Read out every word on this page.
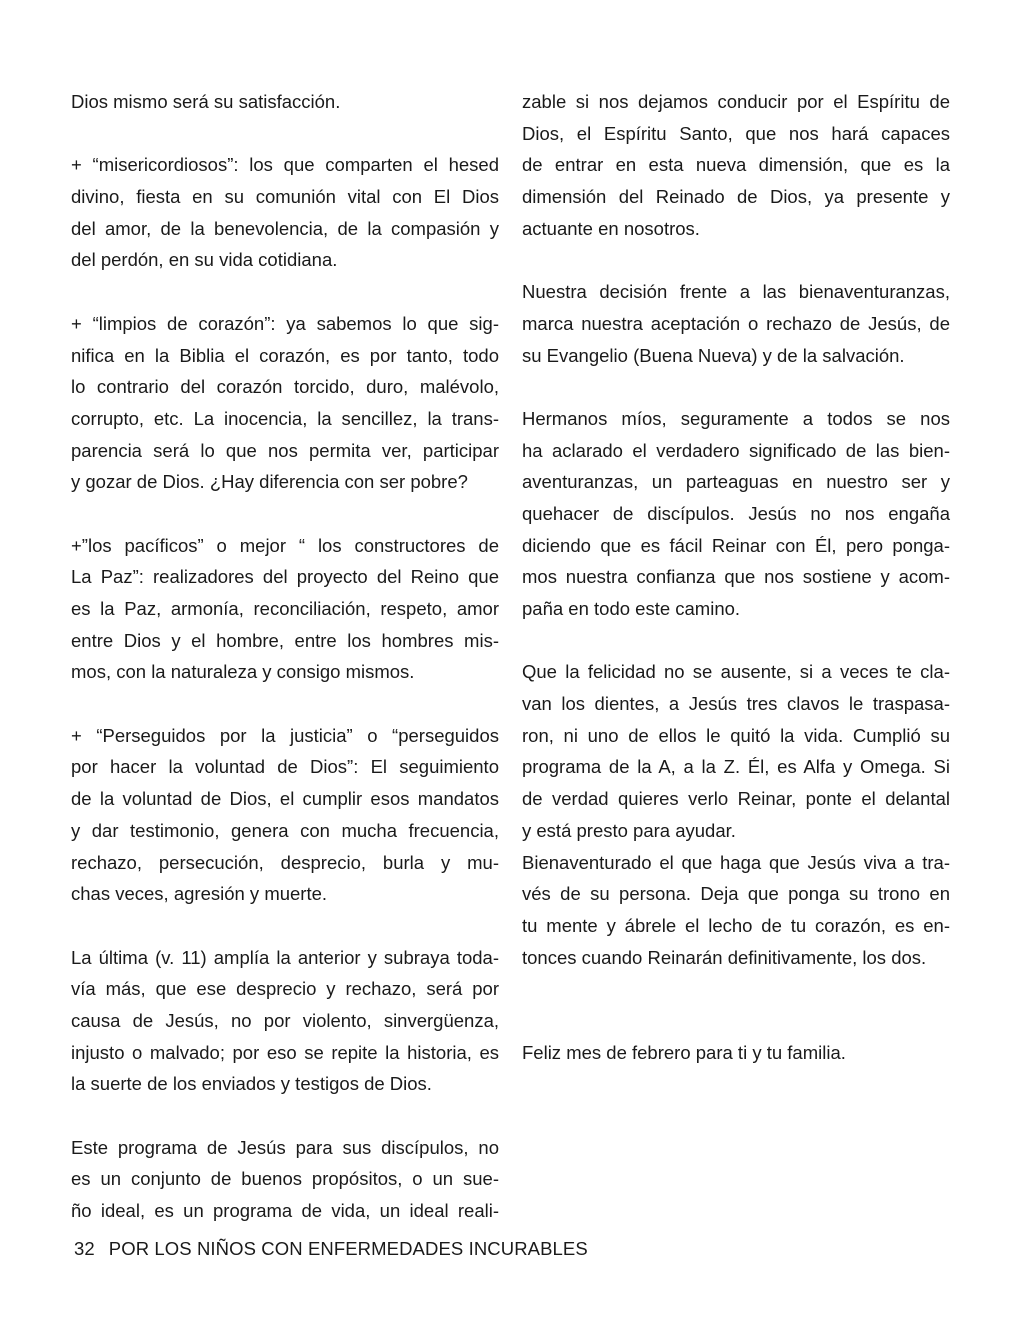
Dios mismo será su satisfacción.
+ “misericordiosos”: los que comparten el hesed
divino, fiesta en su comunión vital con El Dios
del amor, de la benevolencia, de la compasión y
del perdón, en su vida cotidiana.
+ “limpios de corazón”: ya sabemos lo que sig-
nifica en la Biblia el corazón, es por tanto, todo
lo contrario del corazón torcido, duro, malévolo,
corrupto, etc. La inocencia, la sencillez, la trans-
parencia será lo que nos permita ver, participar
y gozar de Dios. ¿Hay diferencia con ser pobre?
+”los pacíficos” o mejor “ los constructores de
La Paz”: realizadores del proyecto del Reino que
es la Paz, armonía, reconciliación, respeto, amor
entre Dios y el hombre, entre los hombres mis-
mos, con la naturaleza y consigo mismos.
+ “Perseguidos por la justicia” o “perseguidos
por hacer la voluntad de Dios”: El seguimiento
de la voluntad de Dios, el cumplir esos mandatos
y dar testimonio, genera con mucha frecuencia,
rechazo, persecución, desprecio, burla y mu-
chas veces, agresión y muerte.
La última (v. 11) amplía la anterior y subraya toda-
vía más, que ese desprecio y rechazo, será por
causa de Jesús, no por violento, sinvergüenza,
injusto o malvado; por eso se repite la historia, es
la suerte de los enviados y testigos de Dios.
Este programa de Jesús para sus discípulos, no
es un conjunto de buenos propósitos, o un sue-
ño ideal, es un programa de vida, un ideal reali-
zable si nos dejamos conducir por el Espíritu de
Dios, el Espíritu Santo, que nos hará capaces
de entrar en esta nueva dimensión, que es la
dimensión del Reinado de Dios, ya presente y
actuante en nosotros.
Nuestra decisión frente a las bienaventuranzas,
marca nuestra aceptación o rechazo de Jesús, de
su Evangelio (Buena Nueva) y de la salvación.
Hermanos míos, seguramente a todos se nos
ha aclarado el verdadero significado de las bien-
aventuranzas, un parteaguas en nuestro ser y
quehacer de discípulos. Jesús no nos engaña
diciendo que es fácil Reinar con Él, pero ponga-
mos nuestra confianza que nos sostiene y acom-
paña en todo este camino.
Que la felicidad no se ausente, si a veces te cla-
van los dientes, a Jesús tres clavos le traspasa-
ron, ni uno de ellos le quitó la vida. Cumplió su
programa de la A, a la Z. Él, es Alfa y Omega. Si
de verdad quieres verlo Reinar, ponte el delantal
y está presto para ayudar.
Bienaventurado el que haga que Jesús viva a tra-
vés de su persona. Deja que ponga su trono en
tu mente y ábrele el lecho de tu corazón, es en-
tonces cuando Reinarán definitivamente, los dos.
Feliz mes de febrero para ti y tu familia.
32 POR LOS NIÑOS CON ENFERMEDADES INCURABLES
